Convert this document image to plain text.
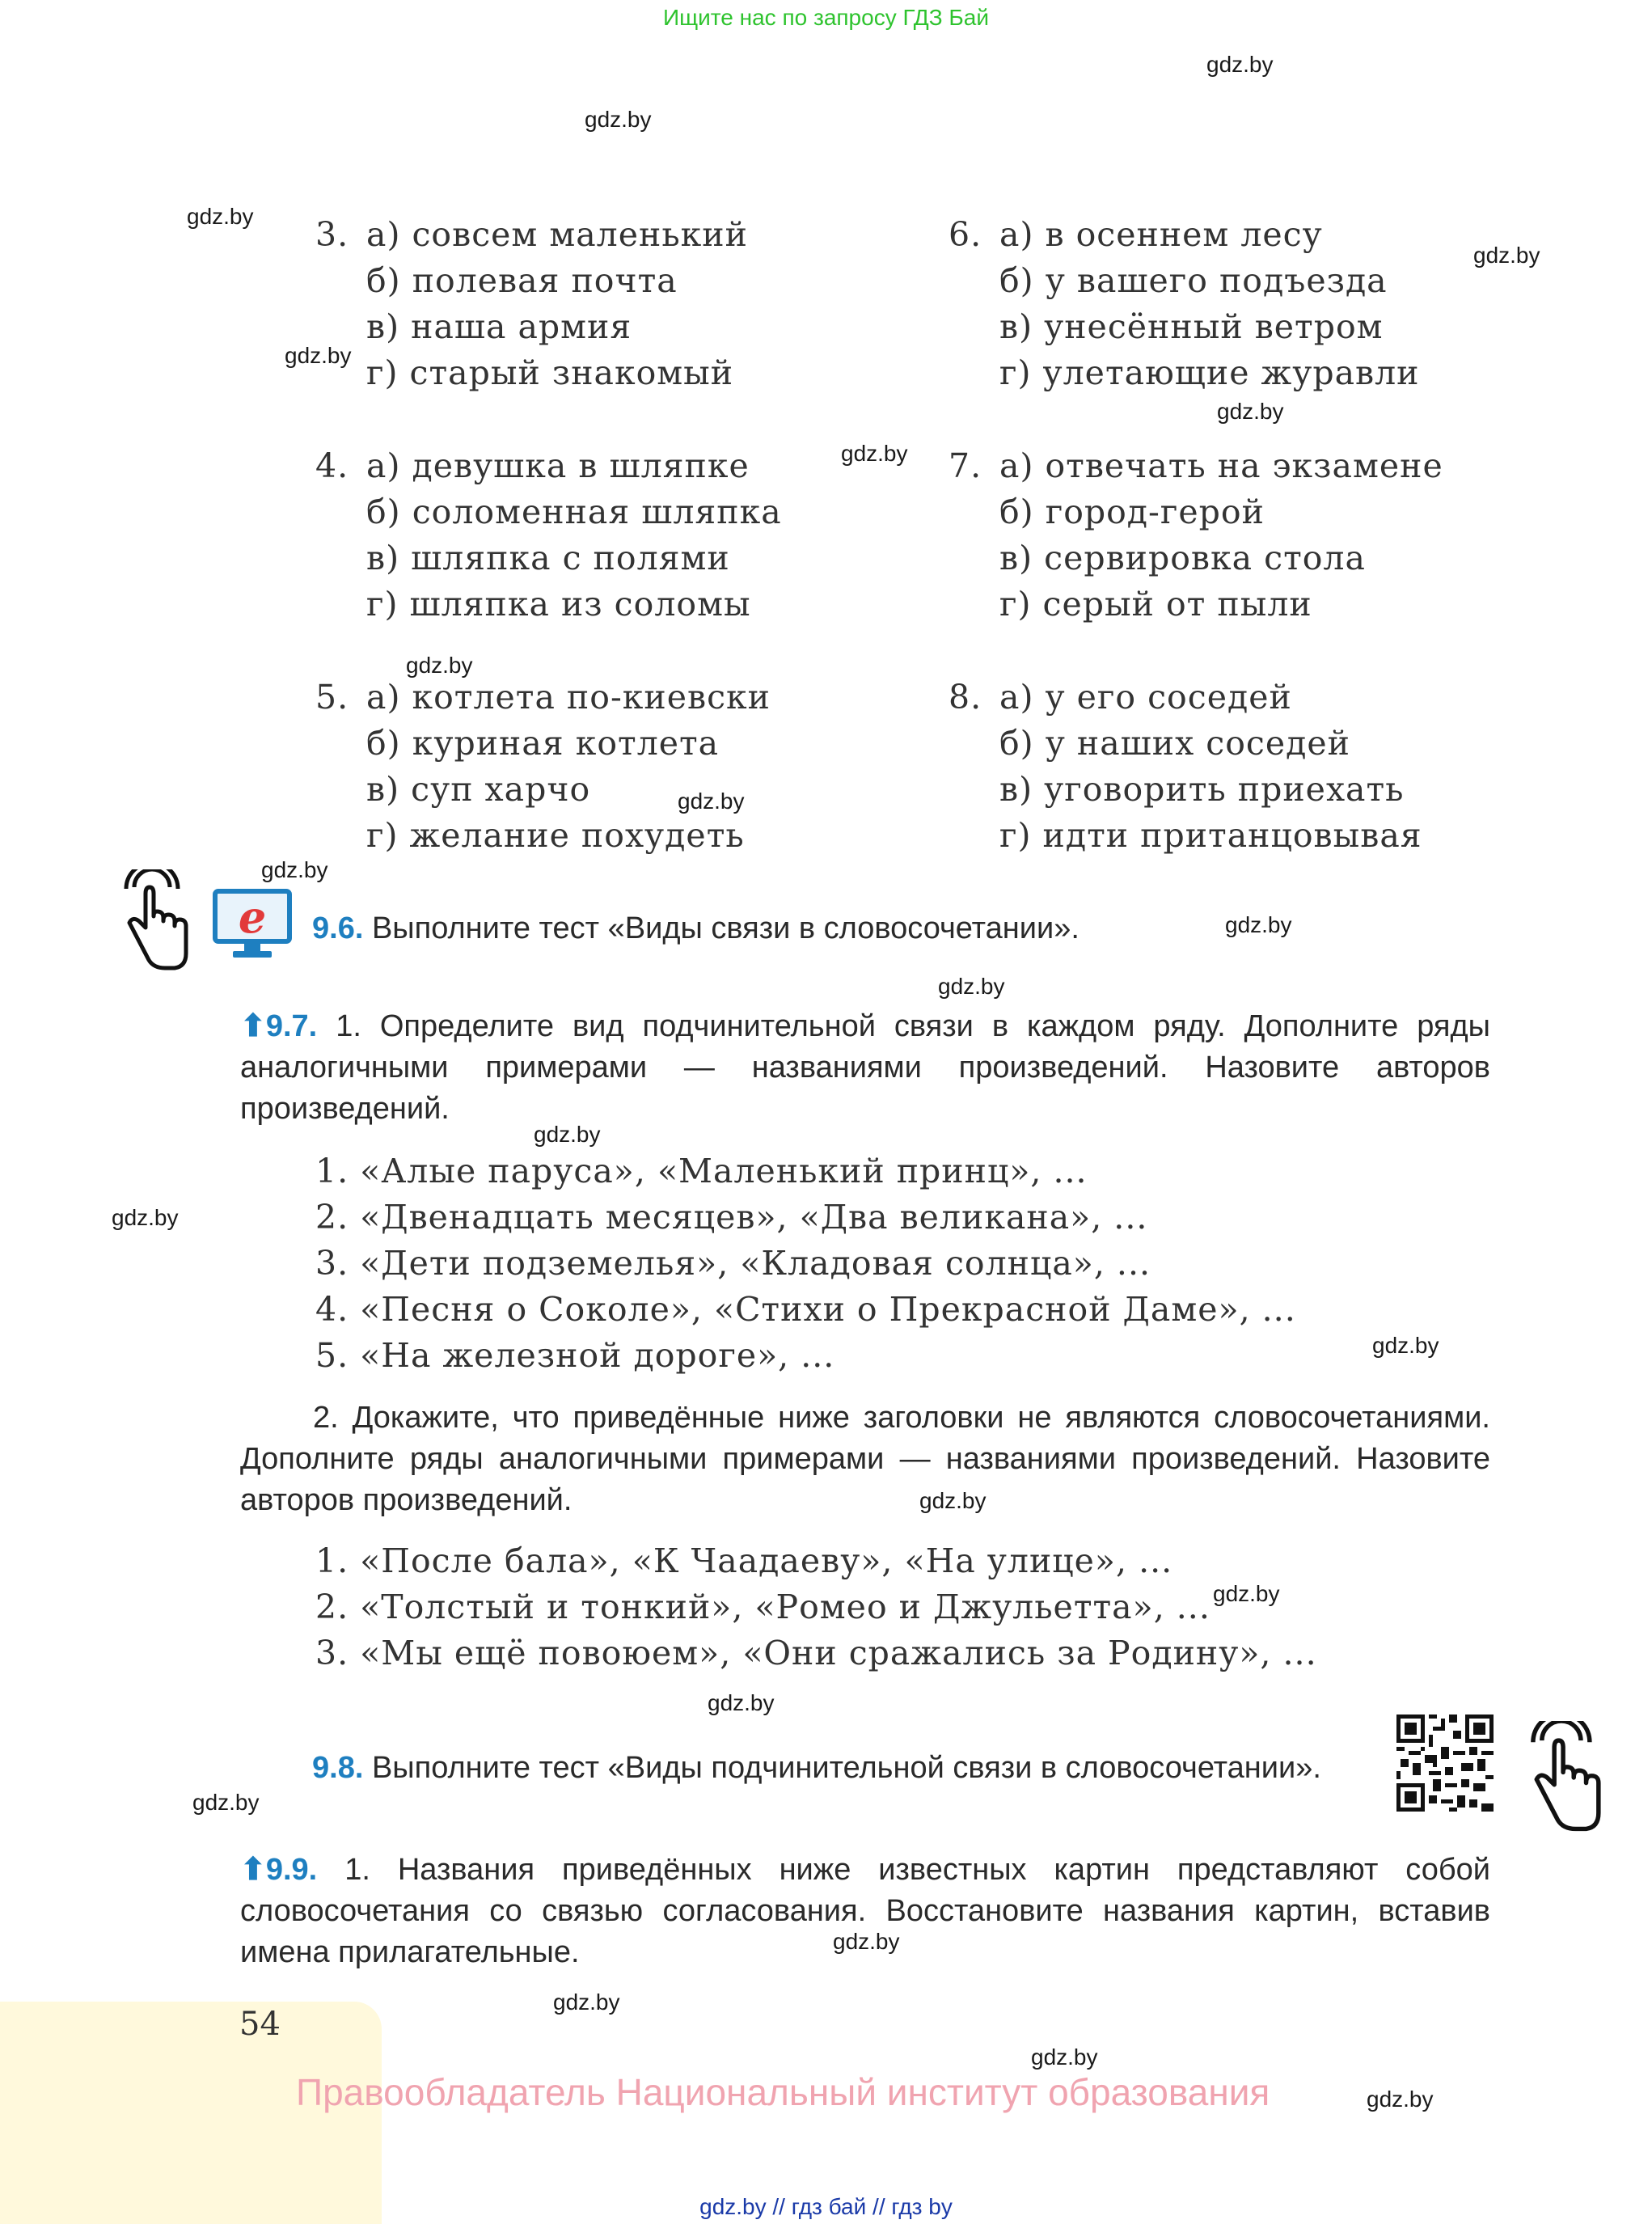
Ищите нас по запросу ГДЗ Бай
gdz.by
gdz.by
gdz.by
gdz.by
gdz.by
gdz.by
gdz.by
gdz.by
gdz.by
gdz.by
gdz.by
gdz.by
gdz.by
gdz.by
gdz.by
gdz.by
gdz.by
gdz.by
gdz.by
gdz.by
gdz.by
gdz.by
gdz.by
3. а) совсем маленький
б) полевая почта
в) наша армия
г) старый знакомый
4. а) девушка в шляпке
б) соломенная шляпка
в) шляпка с полями
г) шляпка из соломы
5. а) котлета по-киевски
б) куриная котлета
в) суп харчо
г) желание похудеть
6. а) в осеннем лесу
б) у вашего подъезда
в) унесённый ветром
г) улетающие журавли
7. а) отвечать на экзамене
б) город-герой
в) сервировка стола
г) серый от пыли
8. а) у его соседей
б) у наших соседей
в) уговорить приехать
г) идти пританцовывая
e 9.6. Выполните тест «Виды связи в словосочетании».
⬆9.7. 1. Определите вид подчинительной связи в каждом ряду. Дополните ряды аналогичными примерами — названиями произведений. Назовите авторов произведений.
1. «Алые паруса», «Маленький принц», ...
2. «Двенадцать месяцев», «Два великана», ...
3. «Дети подземелья», «Кладовая солнца», ...
4. «Песня о Соколе», «Стихи о Прекрасной Даме», ...
5. «На железной дороге», ...
2. Докажите, что приведённые ниже заголовки не являются словосочетаниями. Дополните ряды аналогичными примерами — названиями произведений. Назовите авторов произведений.
1. «После бала», «К Чаадаеву», «На улице», ...
2. «Толстый и тонкий», «Ромео и Джульетта», ...
3. «Мы ещё повоюем», «Они сражались за Родину», ...
9.8. Выполните тест «Виды подчинительной связи в словосочетании».
⬆9.9. 1. Названия приведённых ниже известных картин представляют собой словосочетания со связью согласования. Восстановите названия картин, вставив имена прилагательные.
54
Правообладатель Национальный институт образования
gdz.by // гдз бай // гдз by
